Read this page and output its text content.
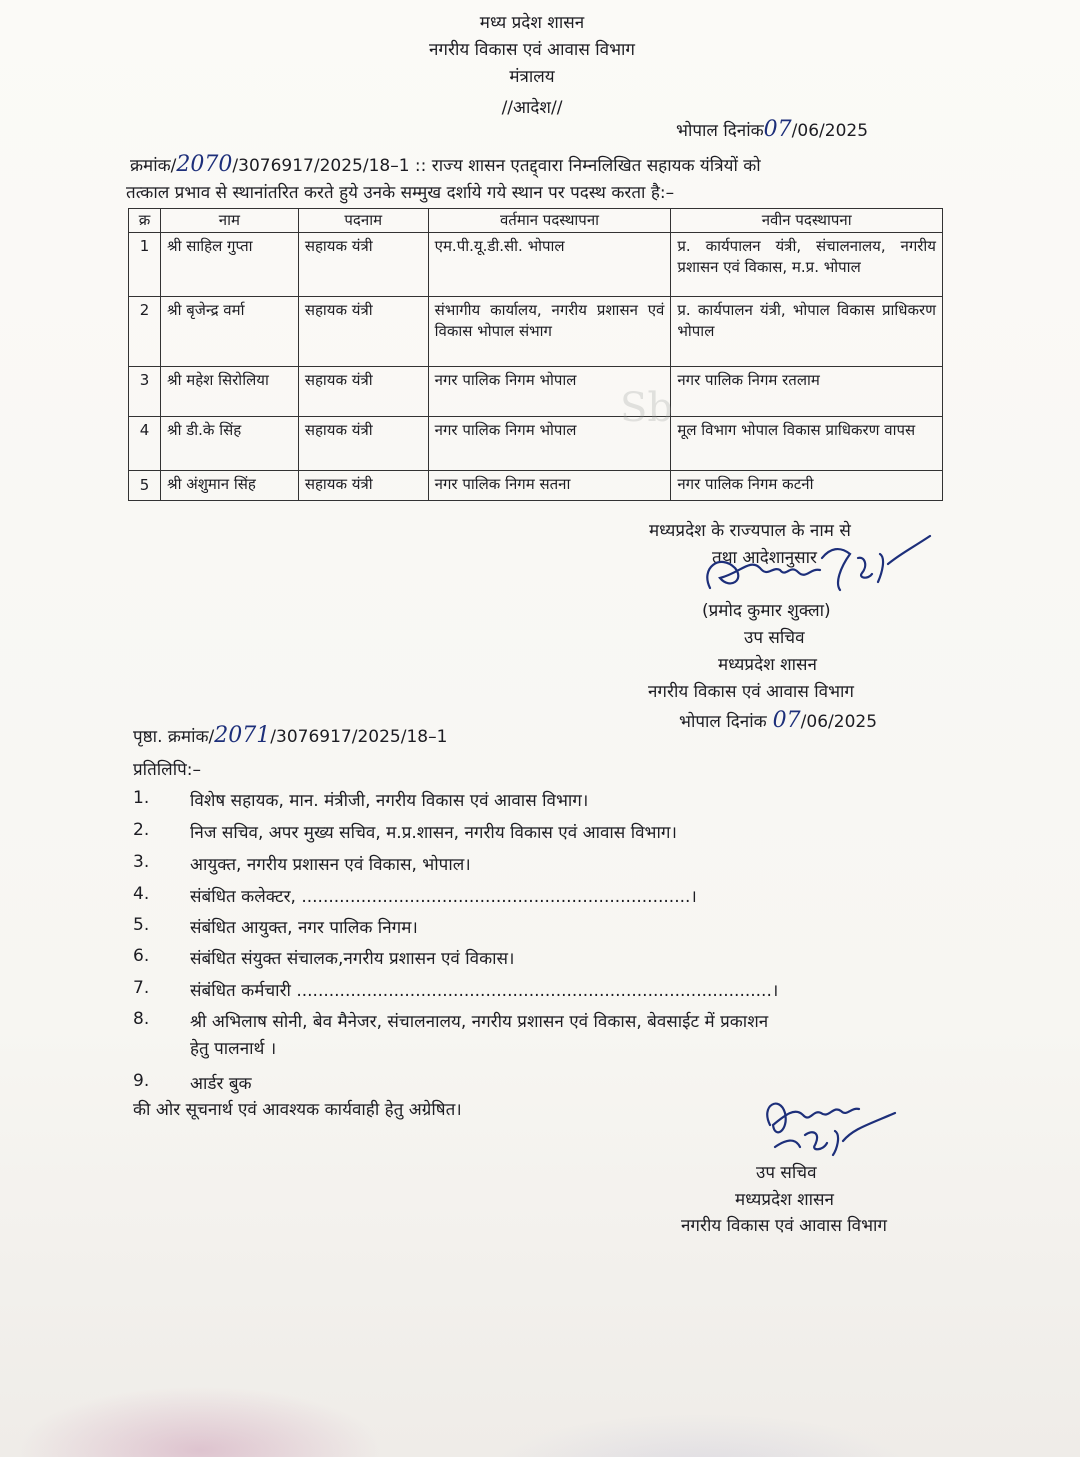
मध्य प्रदेश शासन
नगरीय विकास एवं आवास विभाग
मंत्रालय
//आदेश//
भोपाल दिनांक07/06/2025
क्रमांक/2070/3076917/2025/18–1 :: राज्य शासन एतद्द्वारा निम्नलिखित सहायक यंत्रियों को
तत्काल प्रभाव से स्थानांतरित करते हुये उनके सम्मुख दर्शाये गये स्थान पर पदस्थ करता है:–
क्र	नाम	पदनाम	वर्तमान पदस्थापना	नवीन पदस्थापना
1	श्री साहिल गुप्ता	सहायक यंत्री	एम.पी.यू.डी.सी. भोपाल	प्र. कार्यपालन यंत्री, संचालनालय, नगरीय प्रशासन एवं विकास, म.प्र. भोपाल
2	श्री बृजेन्द्र वर्मा	सहायक यंत्री	संभागीय कार्यालय, नगरीय प्रशासन एवं विकास भोपाल संभाग	प्र. कार्यपालन यंत्री, भोपाल विकास प्राधिकरण भोपाल
3	श्री महेश सिरोलिया	सहायक यंत्री	नगर पालिक निगम भोपाल	नगर पालिक निगम रतलाम
4	श्री डी.के सिंह	सहायक यंत्री	नगर पालिक निगम भोपाल	मूल विभाग भोपाल विकास प्राधिकरण वापस
5	श्री अंशुमान सिंह	सहायक यंत्री	नगर पालिक निगम सतना	नगर पालिक निगम कटनी
Sb
मध्यप्रदेश के राज्यपाल के नाम से
तथा आदेशानुसार
(प्रमोद कुमार शुक्ला)
उप सचिव
मध्यप्रदेश शासन
नगरीय विकास एवं आवास विभाग
भोपाल दिनांक 07/06/2025
पृष्ठा. क्रमांक/2071/3076917/2025/18–1
प्रतिलिपि:–
1.	विशेष सहायक, मान. मंत्रीजी, नगरीय विकास एवं आवास विभाग।
2.	निज सचिव, अपर मुख्य सचिव, म.प्र.शासन, नगरीय विकास एवं आवास विभाग।
3.	आयुक्त, नगरीय प्रशासन एवं विकास, भोपाल।
4.	संबंधित कलेक्टर, ........................................................................।
5.	संबंधित आयुक्त, नगर पालिक निगम।
6.	संबंधित संयुक्त संचालक,नगरीय प्रशासन एवं विकास।
7.	संबंधित कर्मचारी ........................................................................................।
8.	श्री अभिलाष सोनी, बेव मैनेजर, संचालनालय, नगरीय प्रशासन एवं विकास, बेवसाईट में प्रकाशन
हेतु पालनार्थ ।
9.	आर्डर बुक
की ओर सूचनार्थ एवं आवश्यक कार्यवाही हेतु अग्रेषित।
उप सचिव
मध्यप्रदेश शासन
नगरीय विकास एवं आवास विभाग
